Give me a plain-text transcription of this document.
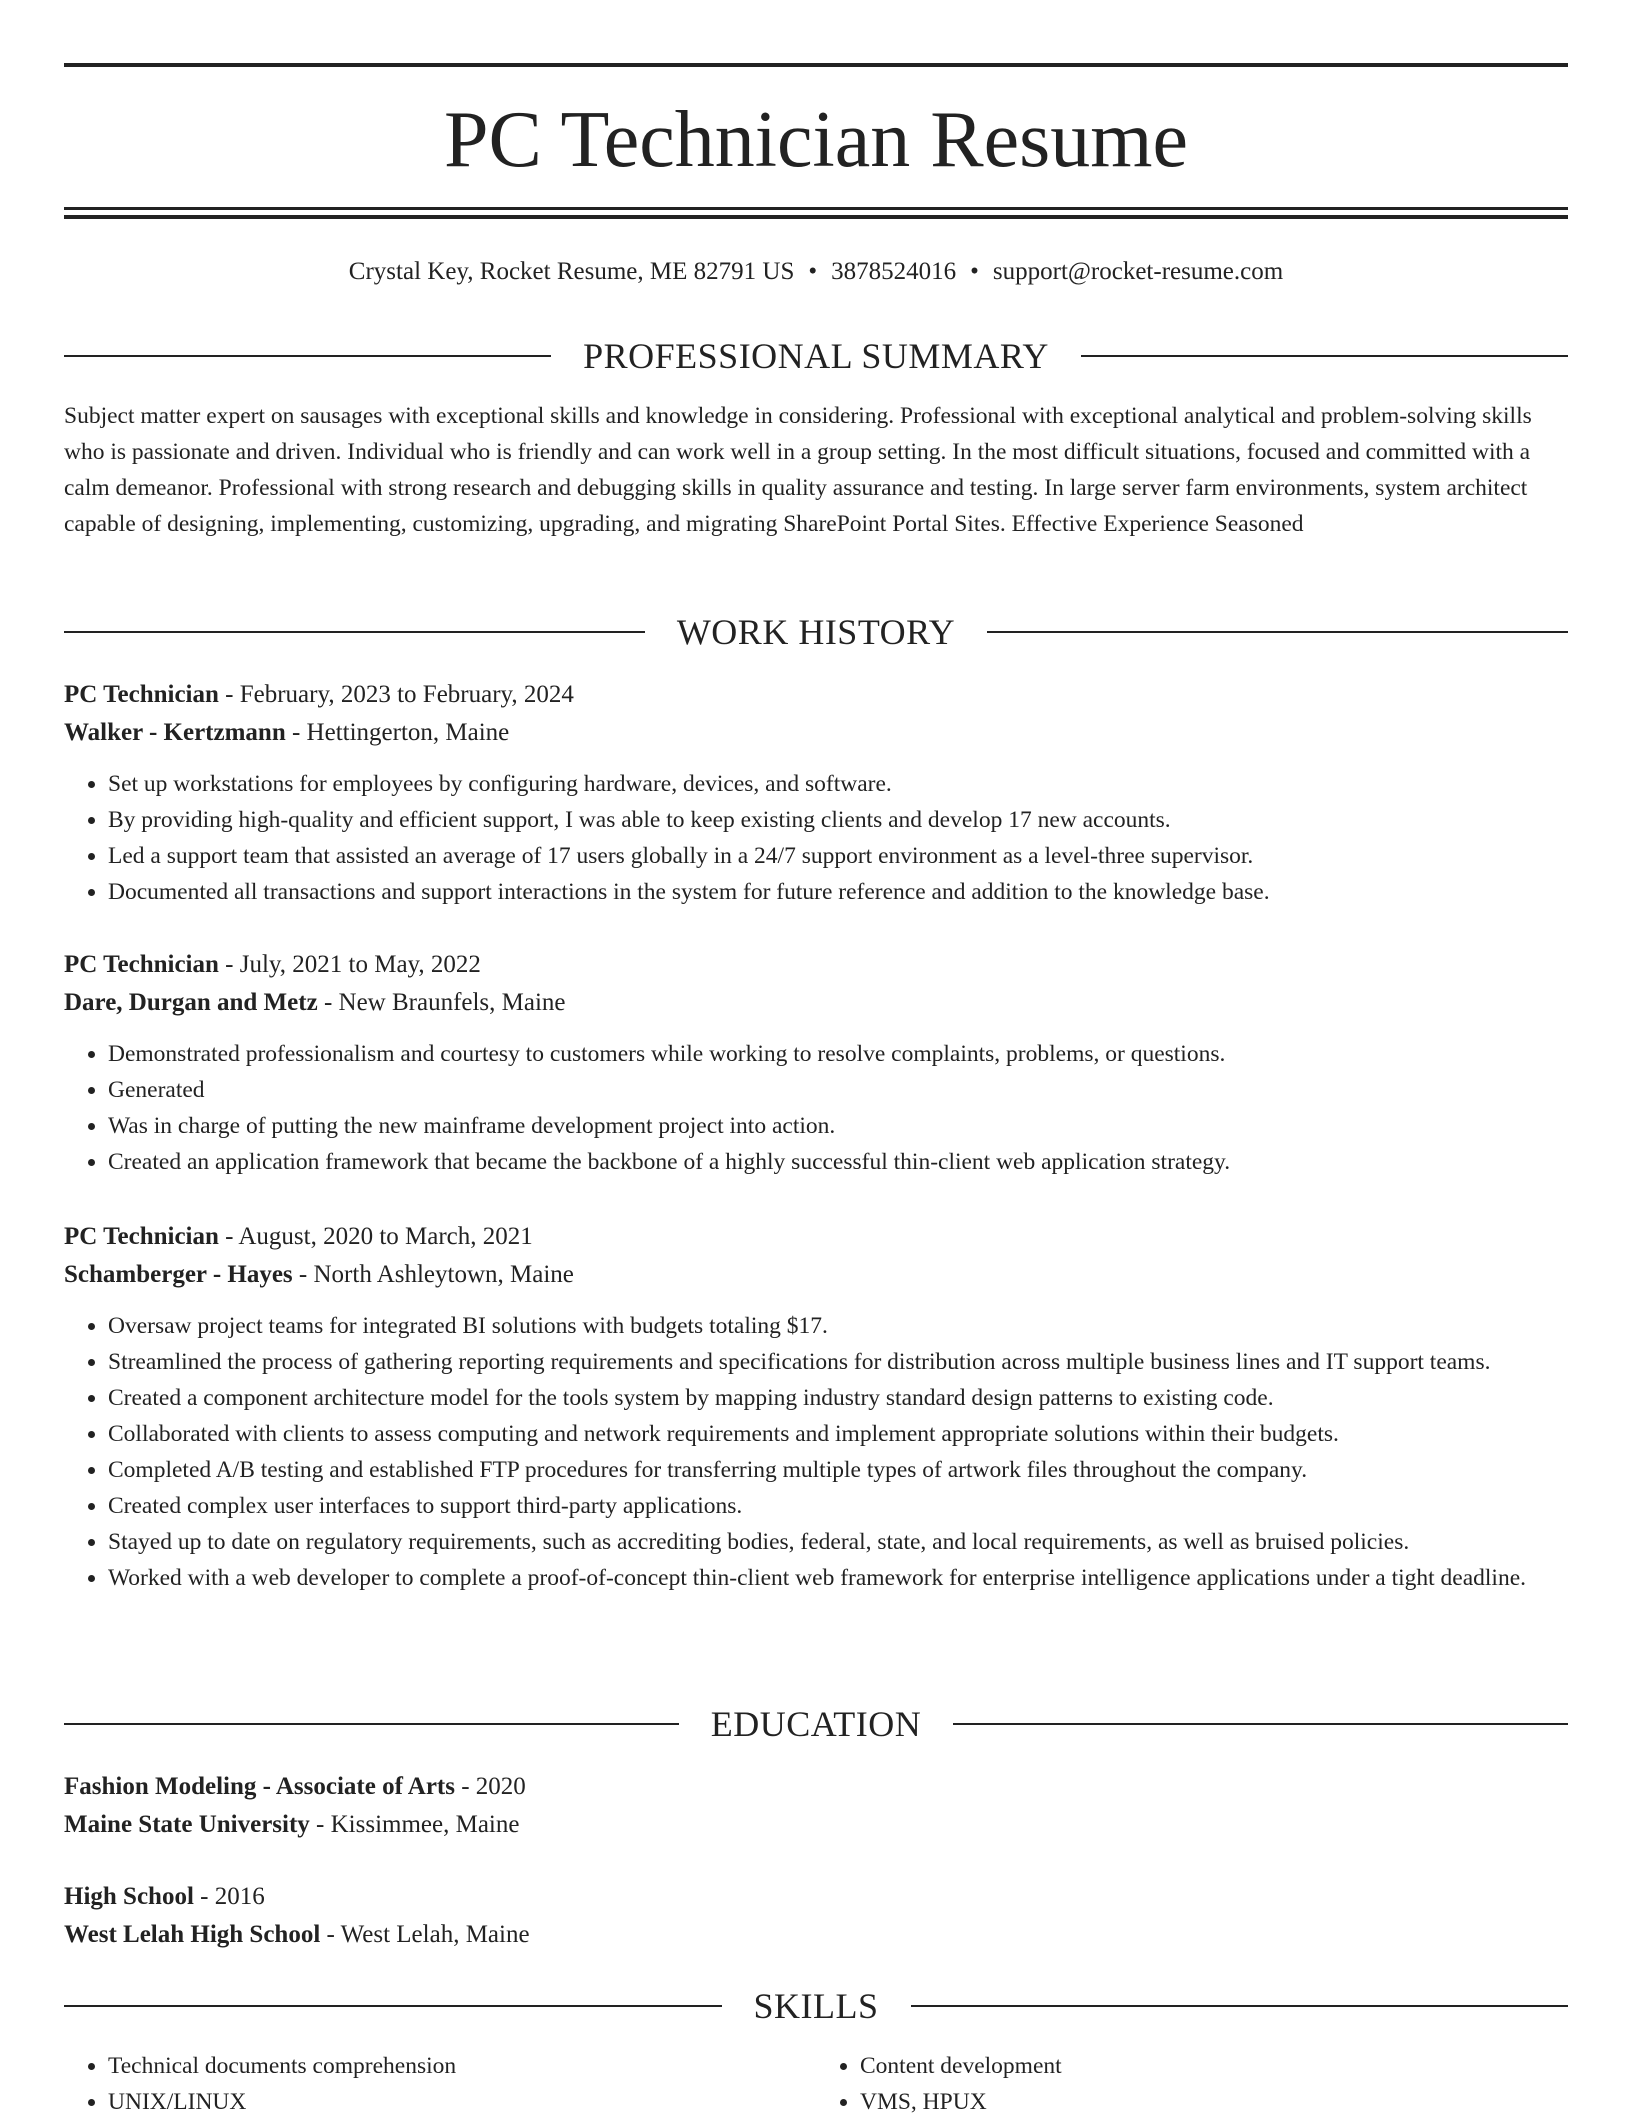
PC Technician Resume
Crystal Key, Rocket Resume, ME 82791 US • 3878524016 • support@rocket-resume.com
PROFESSIONAL SUMMARY

Subject matter expert on sausages with exceptional skills and knowledge in considering. Professional with exceptional analytical and problem-solving skills who is passionate and driven. Individual who is friendly and can work well in a group setting. In the most difficult situations, focused and committed with a calm demeanor. Professional with strong research and debugging skills in quality assurance and testing. In large server farm environments, system architect capable of designing, implementing, customizing, upgrading, and migrating SharePoint Portal Sites. Effective Experience Seasoned

WORK HISTORY

PC Technician - February, 2023 to February, 2024

Walker - Kertzmann - Hettingerton, Maine

• Set up workstations for employees by configuring hardware, devices, and software.
• By providing high-quality and efficient support, I was able to keep existing clients and develop 17 new accounts.
• Led a support team that assisted an average of 17 users globally in a 24/7 support environment as a level-three supervisor.
• Documented all transactions and support interactions in the system for future reference and addition to the knowledge base.

PC Technician - July, 2021 to May, 2022

Dare, Durgan and Metz - New Braunfels, Maine

• Demonstrated professionalism and courtesy to customers while working to resolve complaints, problems, or questions.
• Generated
• Was in charge of putting the new mainframe development project into action.
• Created an application framework that became the backbone of a highly successful thin-client web application strategy.

PC Technician - August, 2020 to March, 2021

Schamberger - Hayes - North Ashleytown, Maine

• Oversaw project teams for integrated BI solutions with budgets totaling $17.
• Streamlined the process of gathering reporting requirements and specifications for distribution across multiple business lines and IT support teams.
• Created a component architecture model for the tools system by mapping industry standard design patterns to existing code.
• Collaborated with clients to assess computing and network requirements and implement appropriate solutions within their budgets.
• Completed A/B testing and established FTP procedures for transferring multiple types of artwork files throughout the company.
• Created complex user interfaces to support third-party applications.
• Stayed up to date on regulatory requirements, such as accrediting bodies, federal, state, and local requirements, as well as bruised policies.
• Worked with a web developer to complete a proof-of-concept thin-client web framework for enterprise intelligence applications under a tight deadline.
EDUCATION

Fashion Modeling - Associate of Arts - 2020

Maine State University - Kissimmee, Maine

High School - 2016

West Lelah High School - West Lelah, Maine

SKILLS
• Technical documents comprehension
• UNIX/LINUX
• Content development
• VMS, HPUX
